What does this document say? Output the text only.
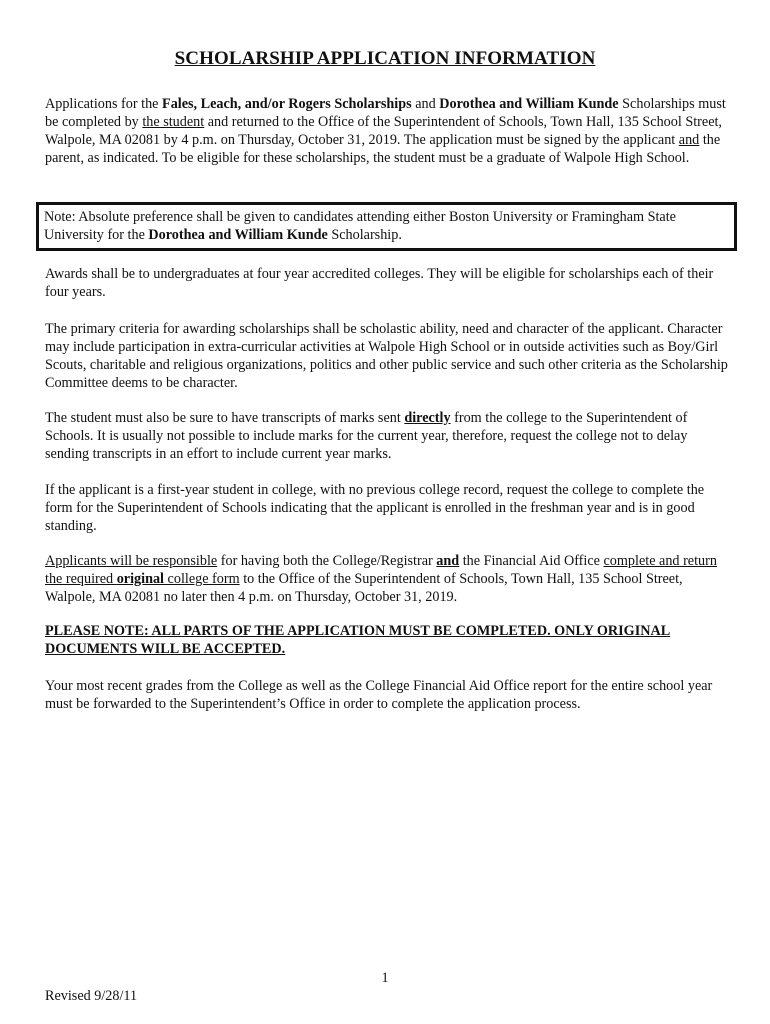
SCHOLARSHIP APPLICATION INFORMATION
Applications for the Fales, Leach, and/or Rogers Scholarships and Dorothea and William Kunde Scholarships must be completed by the student and returned to the Office of the Superintendent of Schools, Town Hall, 135 School Street, Walpole, MA 02081 by 4 p.m. on Thursday, October 31, 2019. The application must be signed by the applicant and the parent, as indicated. To be eligible for these scholarships, the student must be a graduate of Walpole High School.
Note: Absolute preference shall be given to candidates attending either Boston University or Framingham State University for the Dorothea and William Kunde Scholarship.
Awards shall be to undergraduates at four year accredited colleges. They will be eligible for scholarships each of their four years.
The primary criteria for awarding scholarships shall be scholastic ability, need and character of the applicant. Character may include participation in extra-curricular activities at Walpole High School or in outside activities such as Boy/Girl Scouts, charitable and religious organizations, politics and other public service and such other criteria as the Scholarship Committee deems to be character.
The student must also be sure to have transcripts of marks sent directly from the college to the Superintendent of Schools. It is usually not possible to include marks for the current year, therefore, request the college not to delay sending transcripts in an effort to include current year marks.
If the applicant is a first-year student in college, with no previous college record, request the college to complete the form for the Superintendent of Schools indicating that the applicant is enrolled in the freshman year and is in good standing.
Applicants will be responsible for having both the College/Registrar and the Financial Aid Office complete and return the required original college form to the Office of the Superintendent of Schools, Town Hall, 135 School Street, Walpole, MA 02081 no later then 4 p.m. on Thursday, October 31, 2019.
PLEASE NOTE: ALL PARTS OF THE APPLICATION MUST BE COMPLETED. ONLY ORIGINAL DOCUMENTS WILL BE ACCEPTED.
Your most recent grades from the College as well as the College Financial Aid Office report for the entire school year must be forwarded to the Superintendent’s Office in order to complete the application process.
1
Revised 9/28/11
